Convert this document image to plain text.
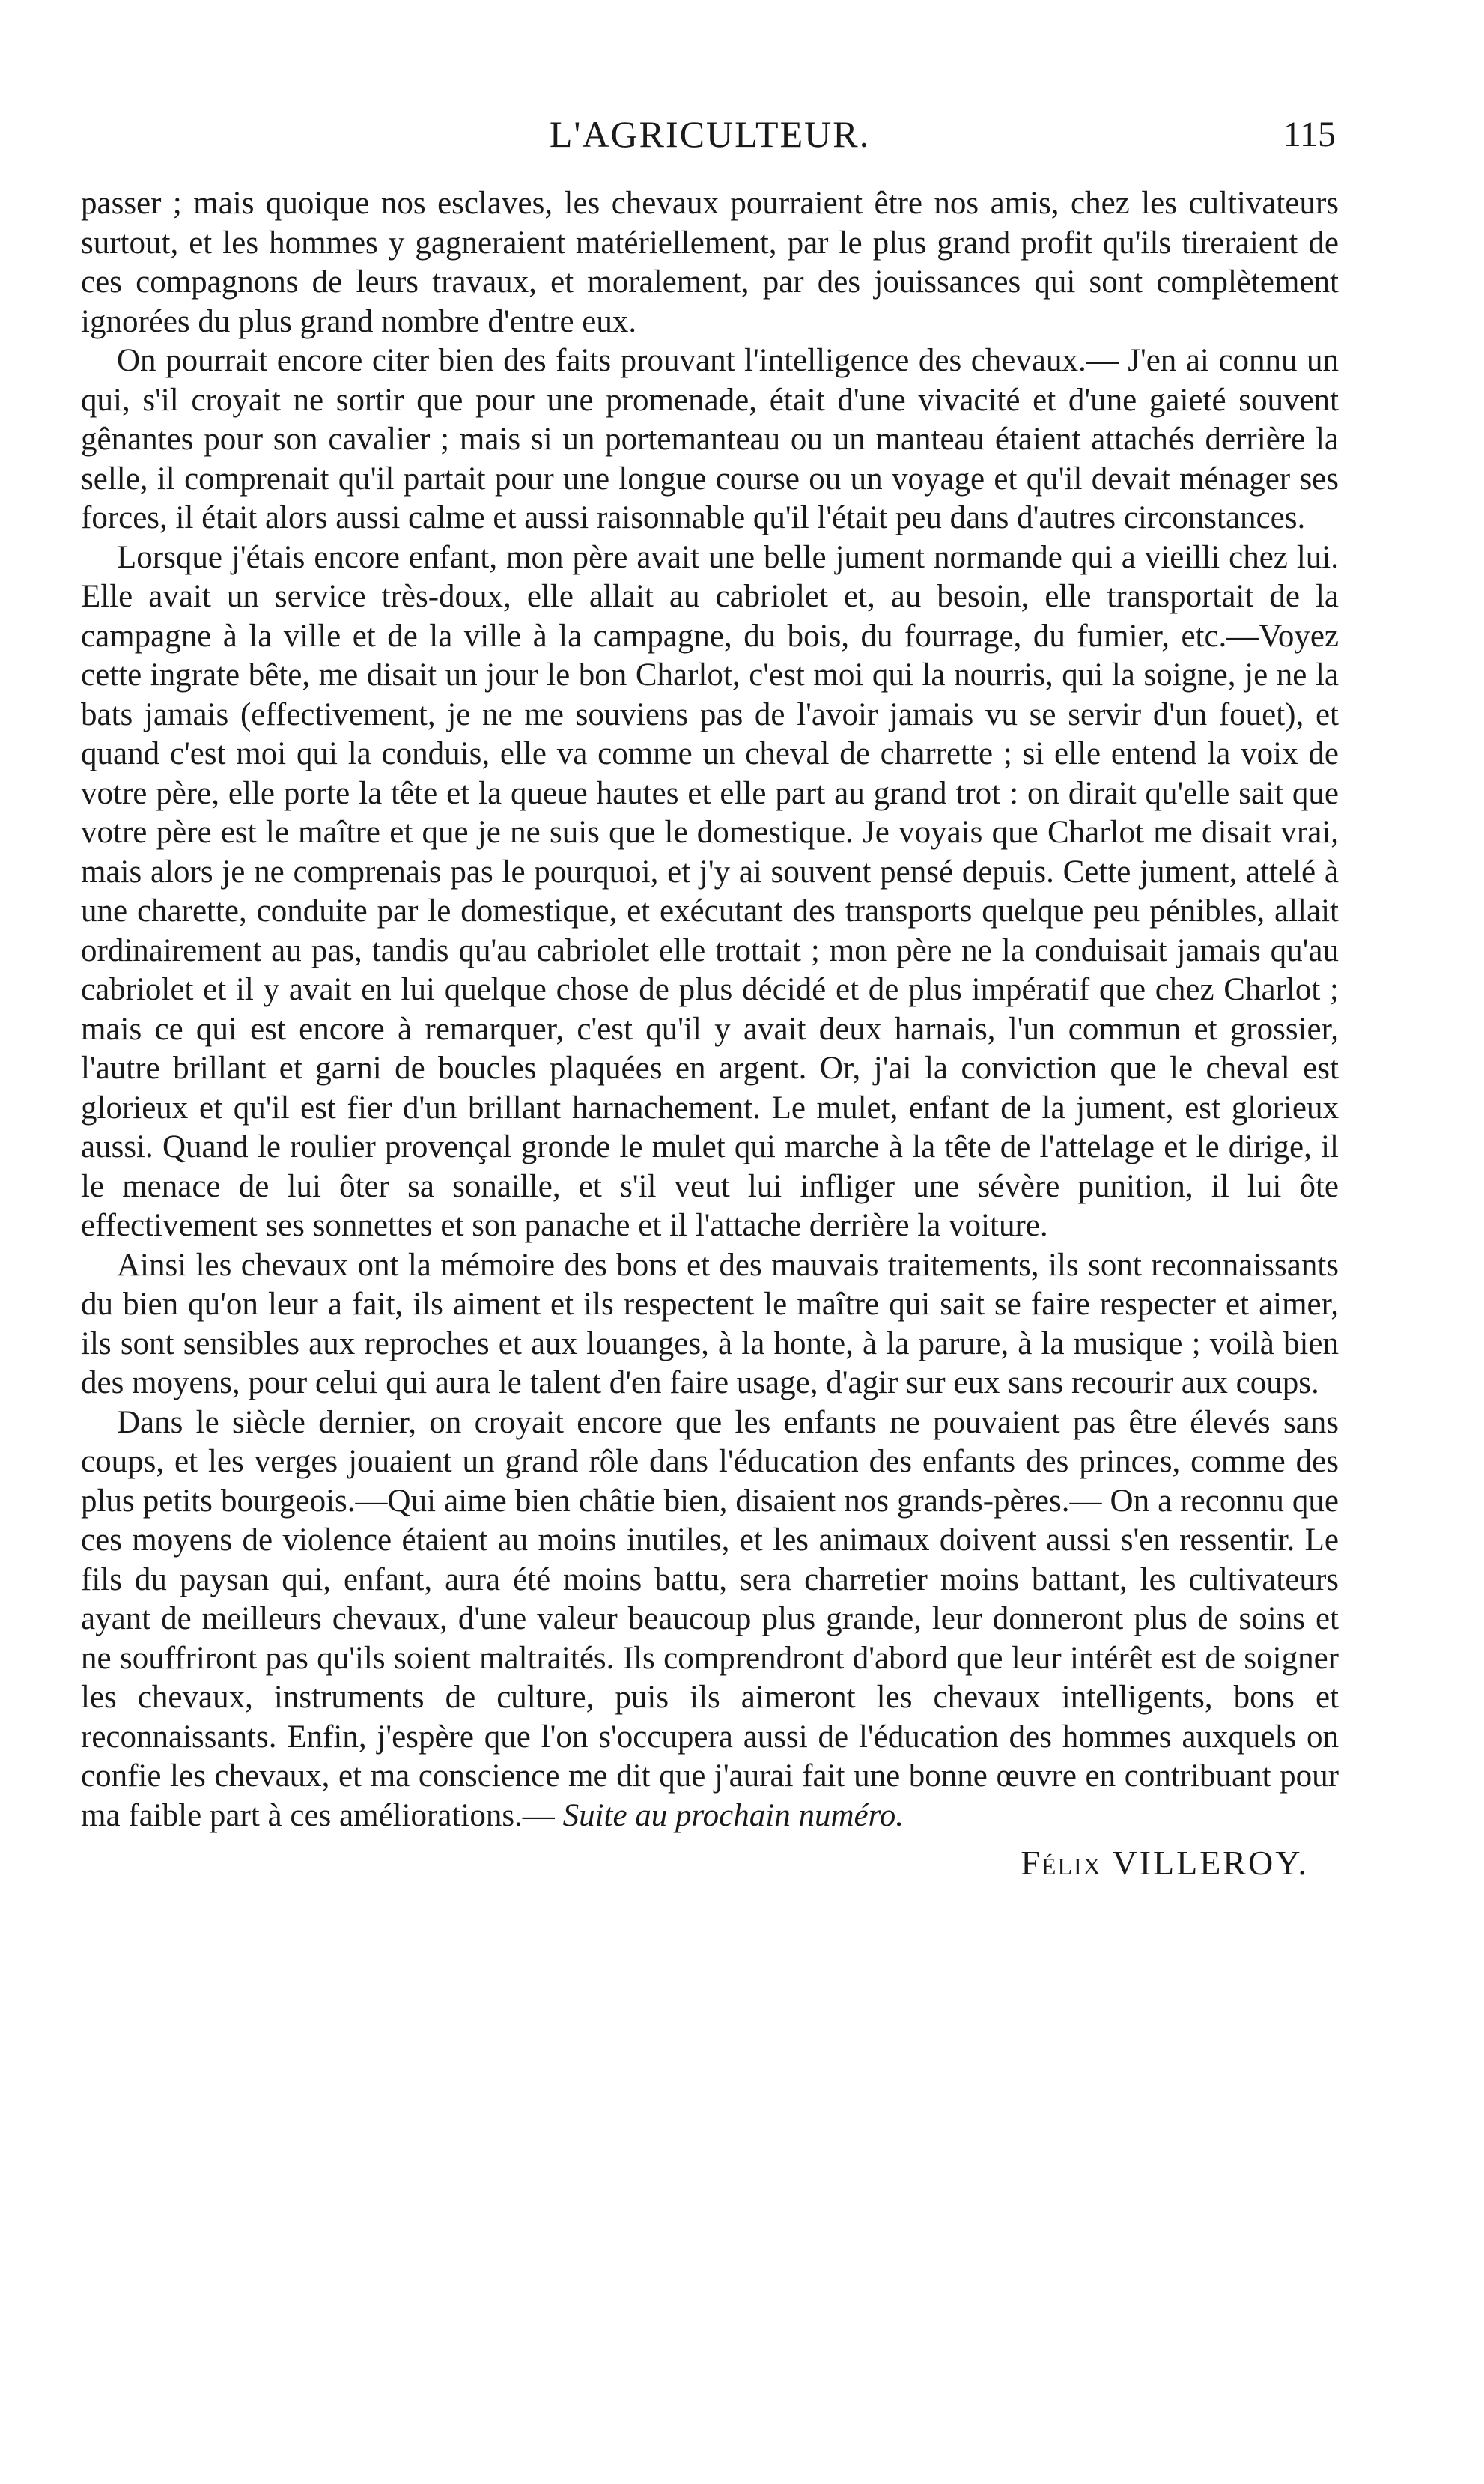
L'AGRICULTEUR.	115

passer ; mais quoique nos esclaves, les chevaux pourraient être nos amis, chez les cultivateurs surtout, et les hommes y gagneraient matériellement, par le plus grand profit qu'ils tireraient de ces compagnons de leurs travaux, et moralement, par des jouissances qui sont complètement ignorées du plus grand nombre d'entre eux.

On pourrait encore citer bien des faits prouvant l'intelligence des chevaux.— J'en ai connu un qui, s'il croyait ne sortir que pour une promenade, était d'une vivacité et d'une gaieté souvent gênantes pour son cavalier ; mais si un portemanteau ou un manteau étaient attachés derrière la selle, il comprenait qu'il partait pour une longue course ou un voyage et qu'il devait ménager ses forces, il était alors aussi calme et aussi raisonnable qu'il l'était peu dans d'autres circonstances.

Lorsque j'étais encore enfant, mon père avait une belle jument normande qui a vieilli chez lui. Elle avait un service très-doux, elle allait au cabriolet et, au besoin, elle transportait de la campagne à la ville et de la ville à la campagne, du bois, du fourrage, du fumier, etc.—Voyez cette ingrate bête, me disait un jour le bon Charlot, c'est moi qui la nourris, qui la soigne, je ne la bats jamais (effectivement, je ne me souviens pas de l'avoir jamais vu se servir d'un fouet), et quand c'est moi qui la conduis, elle va comme un cheval de charrette ; si elle entend la voix de votre père, elle porte la tête et la queue hautes et elle part au grand trot : on dirait qu'elle sait que votre père est le maître et que je ne suis que le domestique. Je voyais que Charlot me disait vrai, mais alors je ne comprenais pas le pourquoi, et j'y ai souvent pensé depuis. Cette jument, attelé à une charette, conduite par le domestique, et exécutant des transports quelque peu pénibles, allait ordinairement au pas, tandis qu'au cabriolet elle trottait ; mon père ne la conduisait jamais qu'au cabriolet et il y avait en lui quelque chose de plus décidé et de plus impératif que chez Charlot ; mais ce qui est encore à remarquer, c'est qu'il y avait deux harnais, l'un commun et grossier, l'autre brillant et garni de boucles plaquées en argent. Or, j'ai la conviction que le cheval est glorieux et qu'il est fier d'un brillant harnachement. Le mulet, enfant de la jument, est glorieux aussi. Quand le roulier provençal gronde le mulet qui marche à la tête de l'attelage et le dirige, il le menace de lui ôter sa sonaille, et s'il veut lui infliger une sévère punition, il lui ôte effectivement ses sonnettes et son panache et il l'attache derrière la voiture.

Ainsi les chevaux ont la mémoire des bons et des mauvais traitements, ils sont reconnaissants du bien qu'on leur a fait, ils aiment et ils respectent le maître qui sait se faire respecter et aimer, ils sont sensibles aux reproches et aux louanges, à la honte, à la parure, à la musique ; voilà bien des moyens, pour celui qui aura le talent d'en faire usage, d'agir sur eux sans recourir aux coups.

Dans le siècle dernier, on croyait encore que les enfants ne pouvaient pas être élevés sans coups, et les verges jouaient un grand rôle dans l'éducation des enfants des princes, comme des plus petits bourgeois.—Qui aime bien châtie bien, disaient nos grands-pères.— On a reconnu que ces moyens de violence étaient au moins inutiles, et les animaux doivent aussi s'en ressentir. Le fils du paysan qui, enfant, aura été moins battu, sera charretier moins battant, les cultivateurs ayant de meilleurs chevaux, d'une valeur beaucoup plus grande, leur donneront plus de soins et ne souffriront pas qu'ils soient maltraités. Ils comprendront d'abord que leur intérêt est de soigner les chevaux, instruments de culture, puis ils aimeront les chevaux intelligents, bons et reconnaissants. Enfin, j'espère que l'on s'occupera aussi de l'éducation des hommes auxquels on confie les chevaux, et ma conscience me dit que j'aurai fait une bonne œuvre en contribuant pour ma faible part à ces améliorations.— Suite au prochain numéro.

Félix VILLEROY.
